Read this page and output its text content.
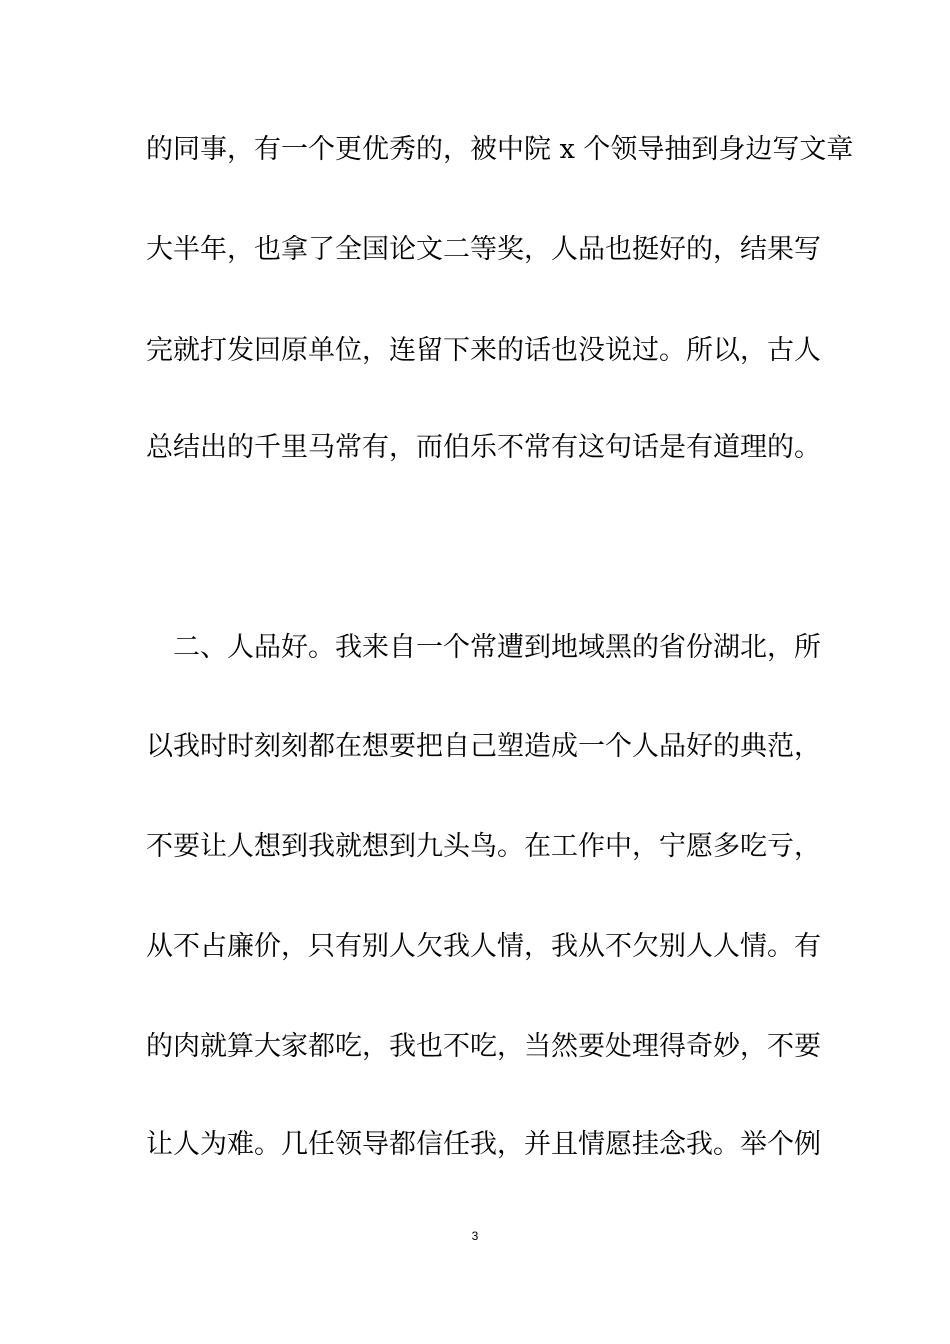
的同事，有一个更优秀的，被中院 x 个领导抽到身边写文章
大半年，也拿了全国论文二等奖，人品也挺好的，结果写
完就打发回原单位，连留下来的话也没说过。所以，古人
总结出的千里马常有，而伯乐不常有这句话是有道理的。
　二、人品好。我来自一个常遭到地域黑的省份湖北，所
以我时时刻刻都在想要把自己塑造成一个人品好的典范，
不要让人想到我就想到九头鸟。在工作中，宁愿多吃亏，
从不占廉价，只有别人欠我人情，我从不欠别人人情。有
的肉就算大家都吃，我也不吃，当然要处理得奇妙，不要
让人为难。几任领导都信任我，并且情愿挂念我。举个例
3
